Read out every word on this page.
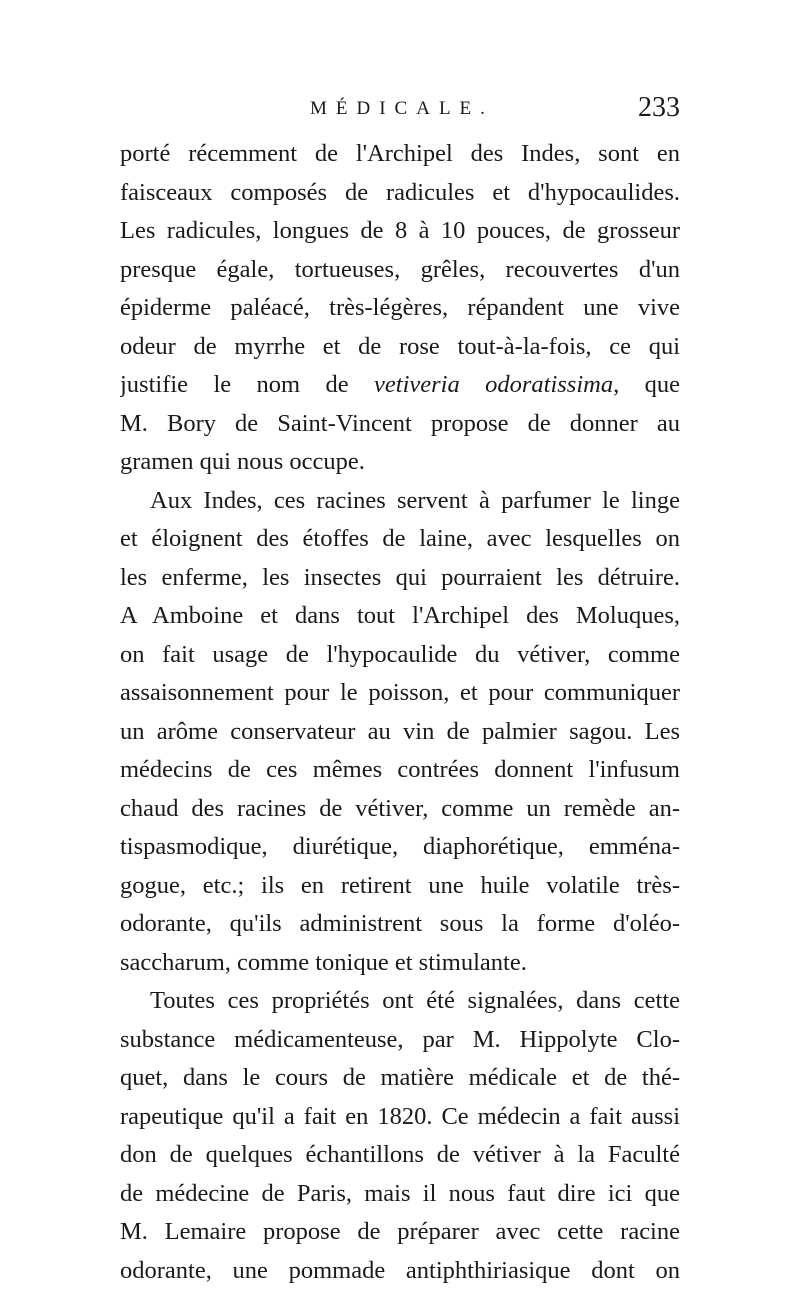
MÉDICALE.	233
porté récemment de l'Archipel des Indes, sont en
faisceaux composés de radicules et d'hypocaulides.
Les radicules, longues de 8 à 10 pouces, de grosseur
presque égale, tortueuses, grêles, recouvertes d'un
épiderme paléacé, très-légères, répandent une vive
odeur de myrrhe et de rose tout-à-la-fois, ce qui
justifie le nom de vetiveria odoratissima, que
M. Bory de Saint-Vincent propose de donner au
gramen qui nous occupe.
Aux Indes, ces racines servent à parfumer le linge
et éloignent des étoffes de laine, avec lesquelles on
les enferme, les insectes qui pourraient les détruire.
A Amboine et dans tout l'Archipel des Moluques,
on fait usage de l'hypocaulide du vétiver, comme
assaisonnement pour le poisson, et pour communiquer
un arôme conservateur au vin de palmier sagou. Les
médecins de ces mêmes contrées donnent l'infusum
chaud des racines de vétiver, comme un remède an-
tispasmodique, diurétique, diaphorétique, emména-
gogue, etc.; ils en retirent une huile volatile très-
odorante, qu'ils administrent sous la forme d'oléo-
saccharum, comme tonique et stimulante.
Toutes ces propriétés ont été signalées, dans cette
substance médicamenteuse, par M. Hippolyte Clo-
quet, dans le cours de matière médicale et de thé-
rapeutique qu'il a fait en 1820. Ce médecin a fait aussi
don de quelques échantillons de vétiver à la Faculté
de médecine de Paris, mais il nous faut dire ici que
M. Lemaire propose de préparer avec cette racine
odorante, une pommade antiphthiriasique dont on
